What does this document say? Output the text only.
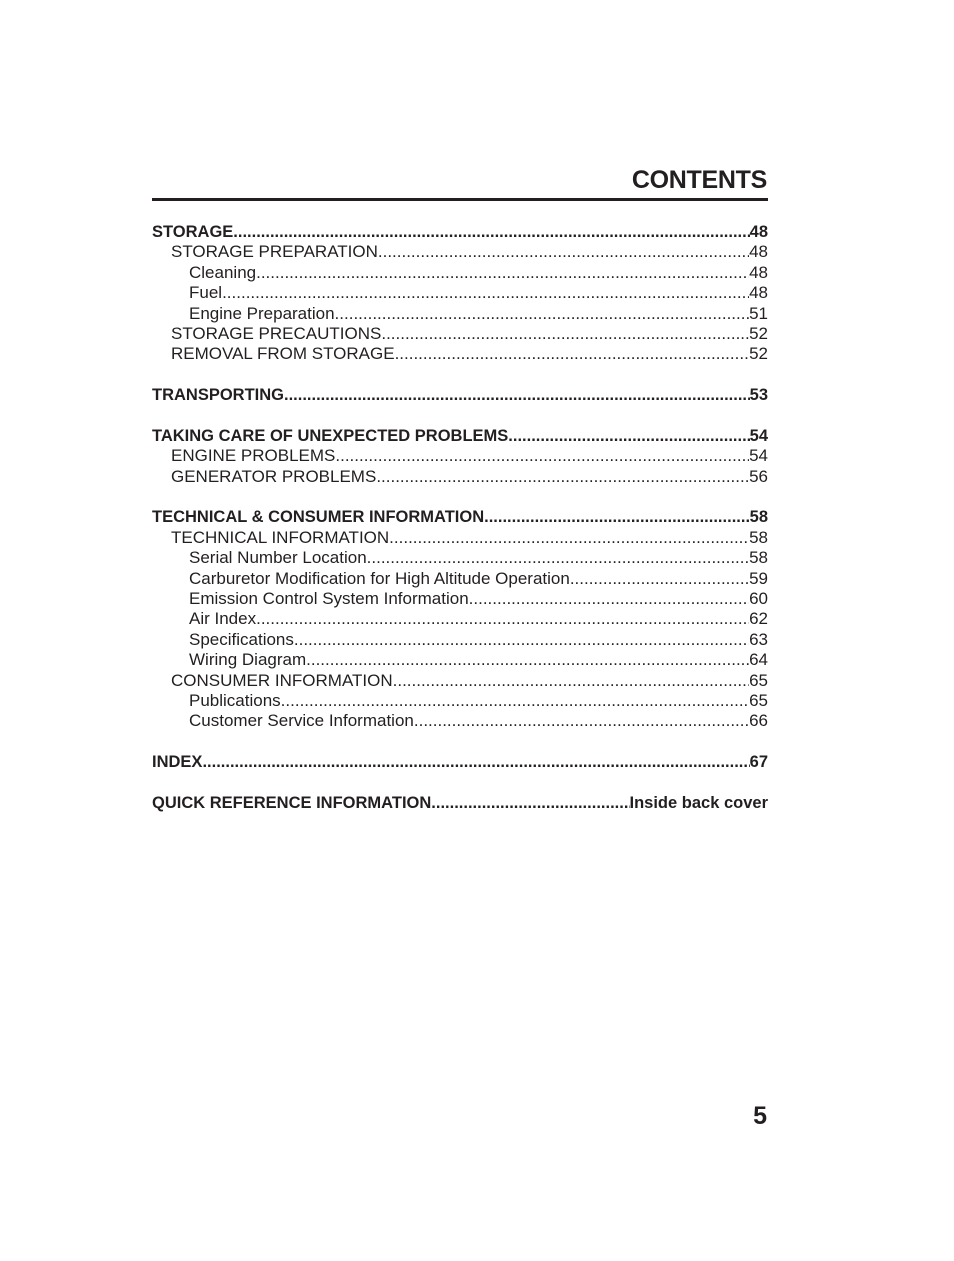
CONTENTS
STORAGE .....	48
STORAGE PREPARATION .....	48
Cleaning .....	48
Fuel .....	48
Engine Preparation .....	51
STORAGE PRECAUTIONS .....	52
REMOVAL FROM STORAGE .....	52
TRANSPORTING .....	53
TAKING CARE OF UNEXPECTED PROBLEMS .....	54
ENGINE PROBLEMS .....	54
GENERATOR PROBLEMS .....	56
TECHNICAL & CONSUMER INFORMATION .....	58
TECHNICAL INFORMATION .....	58
Serial Number Location .....	58
Carburetor Modification for High Altitude Operation .....	59
Emission Control System Information .....	60
Air Index .....	62
Specifications .....	63
Wiring Diagram .....	64
CONSUMER INFORMATION .....	65
Publications .....	65
Customer Service Information .....	66
INDEX .....	67
QUICK REFERENCE INFORMATION .....	Inside back cover
5
